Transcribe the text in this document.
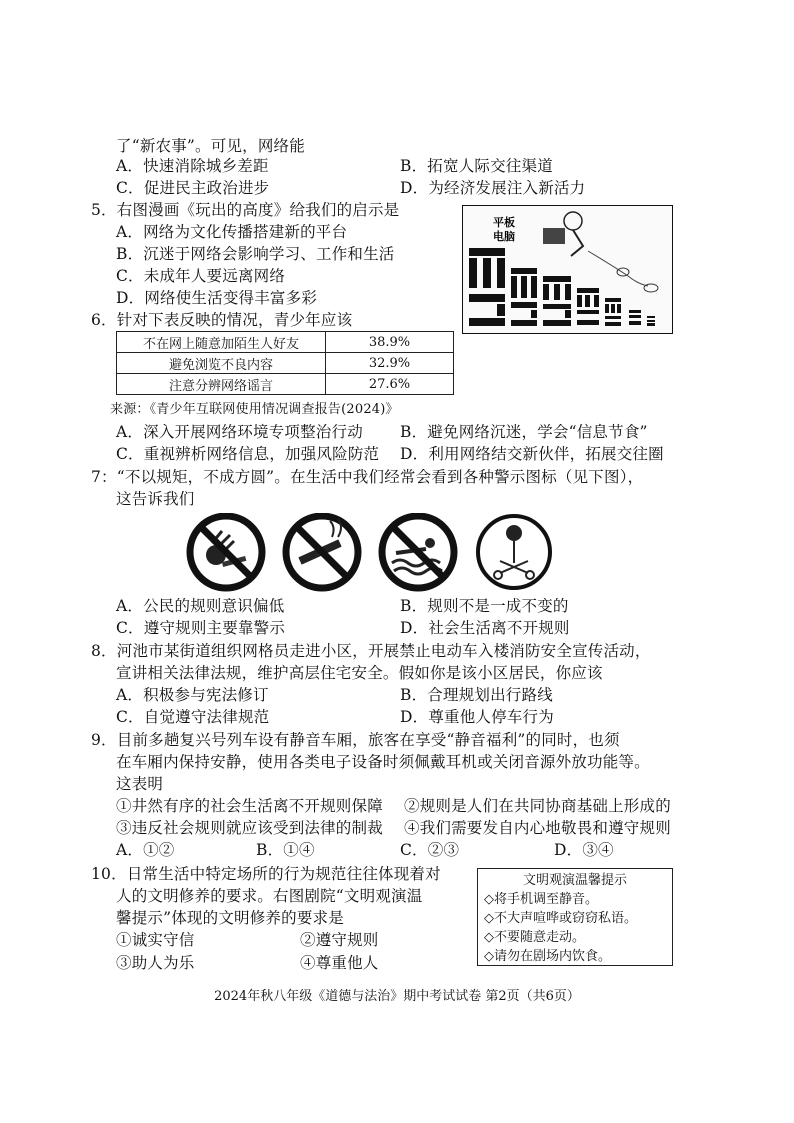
了“新农事”。可见，网络能
A．快速消除城乡差距	B．拓宽人际交往渠道
C．促进民主政治进步	D．为经济发展注入新活力
5．右图漫画《玩出的高度》给我们的启示是
A．网络为文化传播搭建新的平台
B．沉迷于网络会影响学习、工作和生活
C．未成年人要远离网络
D．网络使生活变得丰富多彩
平板
电脑
6．针对下表反映的情况，青少年应该
不在网上随意加陌生人好友	38.9%
避免浏览不良内容	32.9%
注意分辨网络谣言	27.6%
来源：《青少年互联网使用情况调查报告(2024)》
A．深入开展网络环境专项整治行动 B．避免网络沉迷，学会“信息节食”
C．重视辨析网络信息，加强风险防范 D．利用网络结交新伙伴，拓展交往圈
7：“不以规矩，不成方圆”。在生活中我们经常会看到各种警示图标（见下图），
这告诉我们
A．公民的规则意识偏低	B．规则不是一成不变的
C．遵守规则主要靠警示	D．社会生活离不开规则
8．河池市某街道组织网格员走进小区，开展禁止电动车入楼消防安全宣传活动，
宣讲相关法律法规，维护高层住宅安全。假如你是该小区居民，你应该
A．积极参与宪法修订	B．合理规划出行路线
C．自觉遵守法律规范	D．尊重他人停车行为
9．目前多趟复兴号列车设有静音车厢，旅客在享受“静音福利”的同时，也须
在车厢内保持安静，使用各类电子设备时须佩戴耳机或关闭音源外放功能等。
这表明
①井然有序的社会生活离不开规则保障 ②规则是人们在共同协商基础上形成的
③违反社会规则就应该受到法律的制裁 ④我们需要发自内心地敬畏和遵守规则
A．①②	B．①④	C．②③	D．③④
10．日常生活中特定场所的行为规范往往体现着对
人的文明修养的要求。右图剧院“文明观演温
馨提示”体现的文明修养的要求是
①诚实守信	②遵守规则
③助人为乐	④尊重他人
文明观演温馨提示
◇将手机调至静音。
◇不大声喧哗或窃窃私语。
◇不要随意走动。
◇请勿在剧场内饮食。
2024年秋八年级《道德与法治》期中考试试卷 第2页（共6页）
